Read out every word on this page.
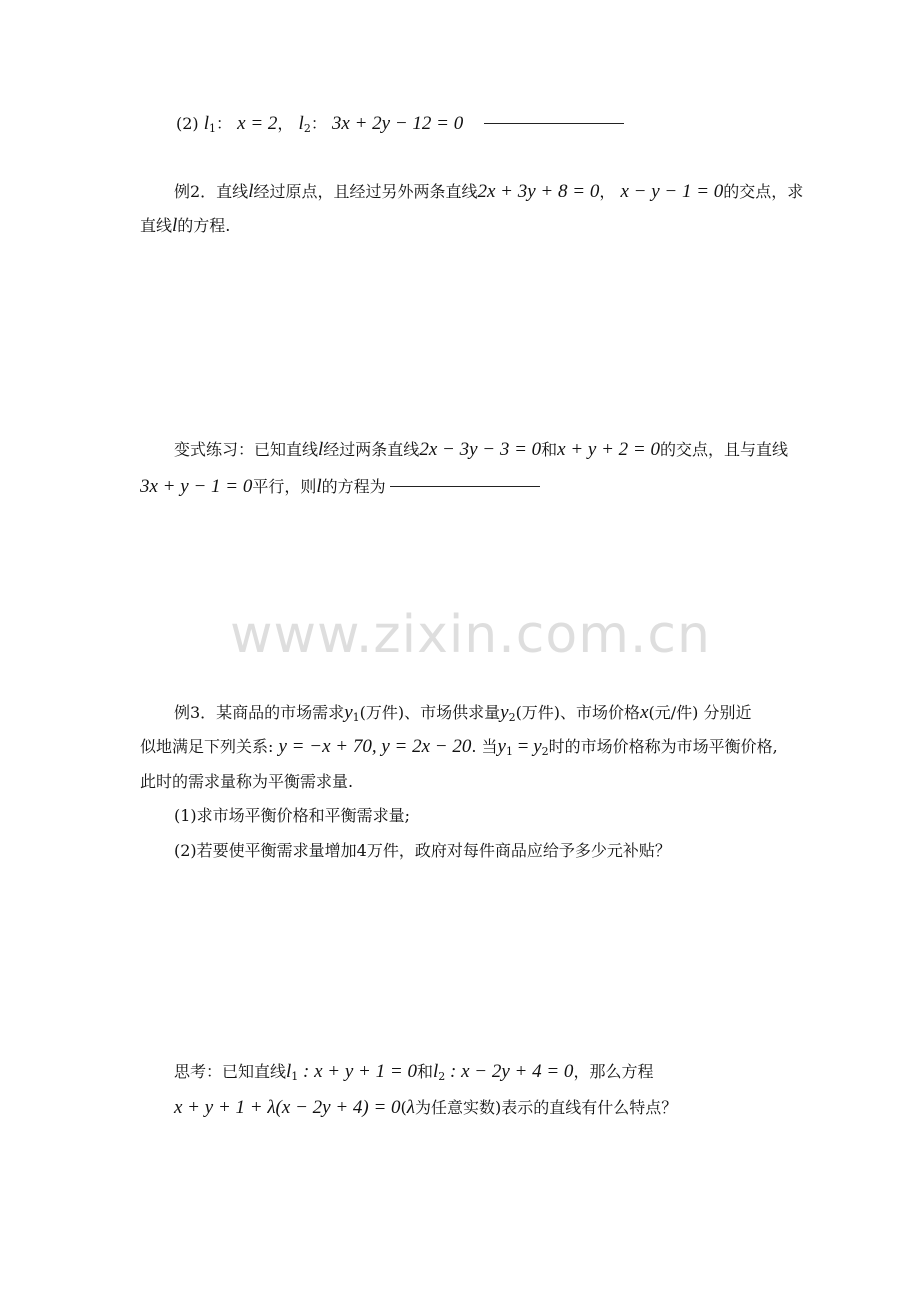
www.zixin.com.cn
(2) $l_1$： x = 2， $l_2$： 3x + 2y − 12 = 0
例2．直线l经过原点，且经过另外两条直线2x + 3y + 8 = 0， x − y − 1 = 0的交点，求
直线l的方程.
变式练习：已知直线l经过两条直线2x − 3y − 3 = 0和x + y + 2 = 0的交点，且与直线
3x + y − 1 = 0平行，则l的方程为
例3．某商品的市场需求$y_1$(万件)、市场供求量$y_2$(万件)、市场价格x(元/件) 分别近
似地满足下列关系: y = −x + 70, y = 2x − 20. 当$y_1 = y_2$时的市场价格称为市场平衡价格,
此时的需求量称为平衡需求量.
(1)求市场平衡价格和平衡需求量;
(2)若要使平衡需求量增加4万件，政府对每件商品应给予多少元补贴？
思考：已知直线$l_1$ : x + y + 1 = 0和$l_2$ : x − 2y + 4 = 0，那么方程
x + y + 1 + λ(x − 2y + 4) = 0(λ为任意实数)表示的直线有什么特点？
